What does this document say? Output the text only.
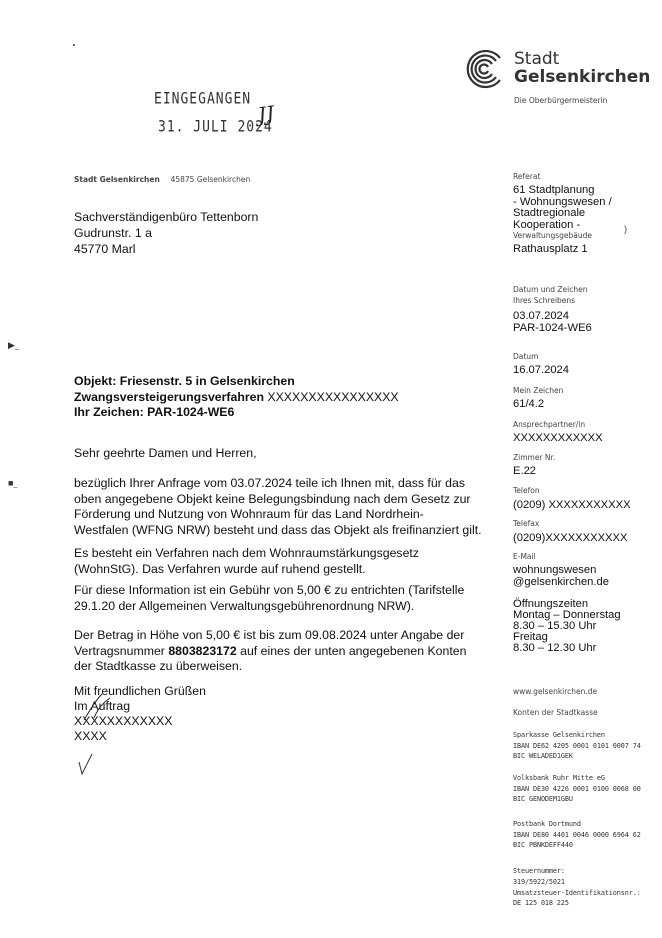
▶_
■_
Stadt
Gelsenkirchen
Die Oberbürgermeisterin
EINGEGANGEN
31. JULI 2024
JJ
Stadt Gelsenkirchen 45875 Gelsenkirchen
Sachverständigenbüro Tettenborn
Gudrunstr. 1 a
45770 Marl
Referat
61 Stadtplanung
- Wohnungswesen /
Stadtregionale
Kooperation -
Verwaltungsgebäude
Rathausplatz 1
Datum und Zeichen
Ihres Schreibens
03.07.2024
PAR-1024-WE6
Datum
16.07.2024
Mein Zeichen
61/4.2
Ansprechpartner/in
XXXXXXXXXXXX
Zimmer Nr.
E.22
Telefon
(0209) XXXXXXXXXXX
Telefax
(0209)XXXXXXXXXXX
E-Mail
wohnungswesen
@gelsenkirchen.de
Öffnungszeiten
Montag – Donnerstag
8.30 – 15.30 Uhr
Freitag
8.30 – 12.30 Uhr
www.gelsenkirchen.de
Konten der Stadtkasse
Sparkasse Gelsenkirchen
IBAN DE62 4205 0001 0101 0007 74
BIC WELADED1GEK
Volksbank Ruhr Mitte eG
IBAN DE30 4226 0001 0100 0068 00
BIC GENODEM1GBU
Postbank Dortmund
IBAN DE80 4401 0046 0000 6964 62
BIC PBNKDEFF440
Steuernummer:
319/5922/5021
Umsatzsteuer-Identifikationsnr.:
DE 125 018 225
)
Objekt: Friesenstr. 5 in Gelsenkirchen
Zwangsversteigerungsverfahren XXXXXXXXXXXXXXXX
Ihr Zeichen: PAR-1024-WE6
Sehr geehrte Damen und Herren,
bezüglich Ihrer Anfrage vom 03.07.2024 teile ich Ihnen mit, dass für das
oben angegebene Objekt keine Belegungsbindung nach dem Gesetz zur
Förderung und Nutzung von Wohnraum für das Land Nordrhein-
Westfalen (WFNG NRW) besteht und dass das Objekt als freifinanziert gilt.
Es besteht ein Verfahren nach dem Wohnraumstärkungsgesetz
(WohnStG). Das Verfahren wurde auf ruhend gestellt.
Für diese Information ist ein Gebühr von 5,00 € zu entrichten (Tarifstelle
29.1.20 der Allgemeinen Verwaltungsgebührenordnung NRW).
Der Betrag in Höhe von 5,00 € ist bis zum 09.08.2024 unter Angabe der
Vertragsnummer 8803823172 auf eines der unten angegebenen Konten
der Stadtkasse zu überweisen.
Mit freundlichen Grüßen
Im Auftrag
XXXXXXXXXXXX
XXXX
